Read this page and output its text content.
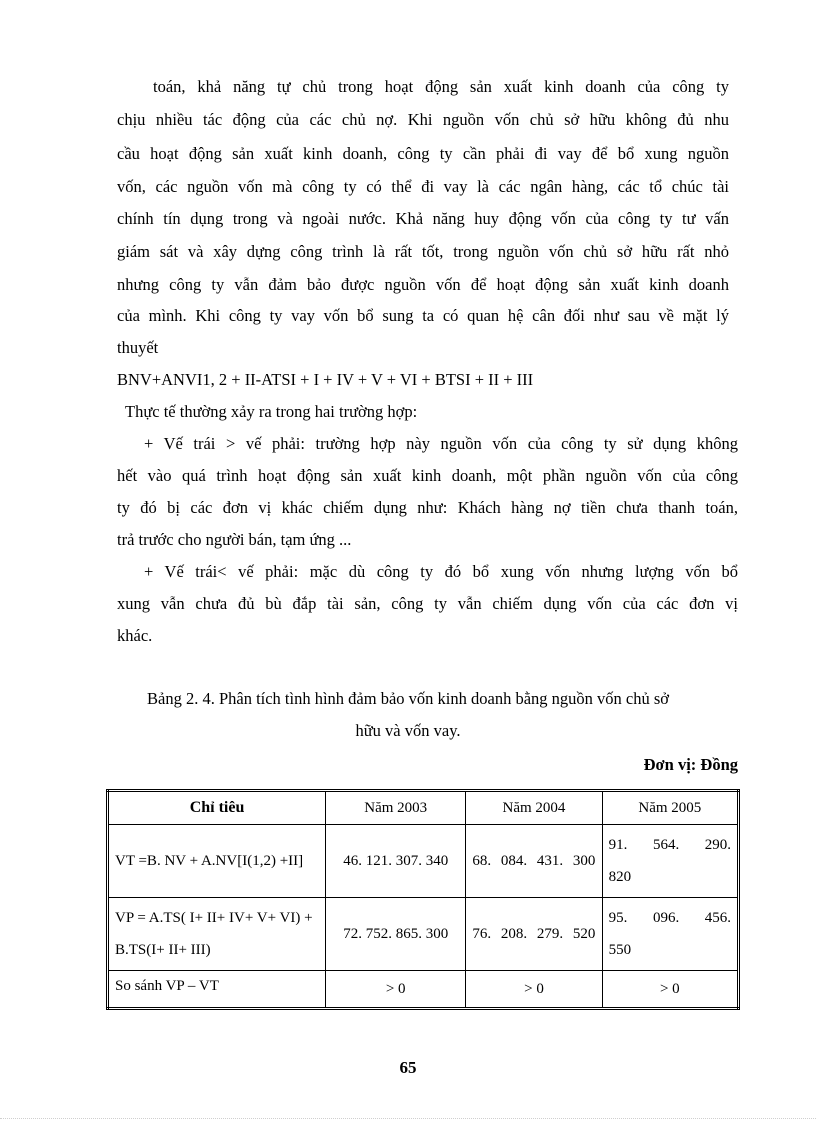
toán, khả năng tự chủ trong hoạt động sản xuất kinh doanh của công ty
chịu nhiều tác động của các chủ nợ. Khi nguồn vốn chủ sở hữu không đủ nhu
cầu hoạt động sản xuất kinh doanh, công ty cần phải đi vay để bổ xung nguồn
vốn, các nguồn vốn mà công ty có thể đi vay là các ngân hàng, các tổ chúc tài
chính tín dụng trong và ngoài nước. Khả năng huy động vốn của công ty tư vấn
giám sát và xây dựng công trình là rất tốt, trong nguồn vốn chủ sở hữu rất nhỏ
nhưng công ty vẫn đảm bảo được nguồn vốn để hoạt động sản xuất kinh doanh
của mình. Khi công ty vay vốn bổ sung ta có quan hệ cân đối như sau về mặt lý
thuyết
BNV+ANVI1, 2 + II-ATSI + I + IV + V + VI + BTSI + II + III
Thực tế thường xảy ra trong hai trường hợp:
+ Vế trái > vế phải: trường hợp này nguồn vốn của công ty sử dụng không
hết vào quá trình hoạt động sản xuất kinh doanh, một phần nguồn vốn của công
ty đó bị các đơn vị khác chiếm dụng như: Khách hàng nợ tiền chưa thanh toán,
trả trước cho người bán, tạm ứng ...
+ Vế trái< vế phải: mặc dù công ty đó bổ xung vốn nhưng lượng vốn bổ
xung vẫn chưa đủ bù đắp tài sản, công ty vẫn chiếm dụng vốn của các đơn vị
khác.
Bảng 2. 4. Phân tích tình hình đảm bảo vốn kinh doanh bằng nguồn vốn chủ sở
hữu và vốn vay.
Đơn vị: Đồng
Chỉ tiêu	Năm 2003	Năm 2004	Năm 2005
VT =B. NV + A.NV[I(1,2) +II]	46. 121. 307. 340	68. 084. 431. 300	91. 564. 290. 820
VP = A.TS( I+ II+ IV+ V+ VI) + B.TS(I+ II+ III)	72. 752. 865. 300	76. 208. 279. 520	95. 096. 456. 550
So sánh VP – VT	> 0	> 0	> 0
65
